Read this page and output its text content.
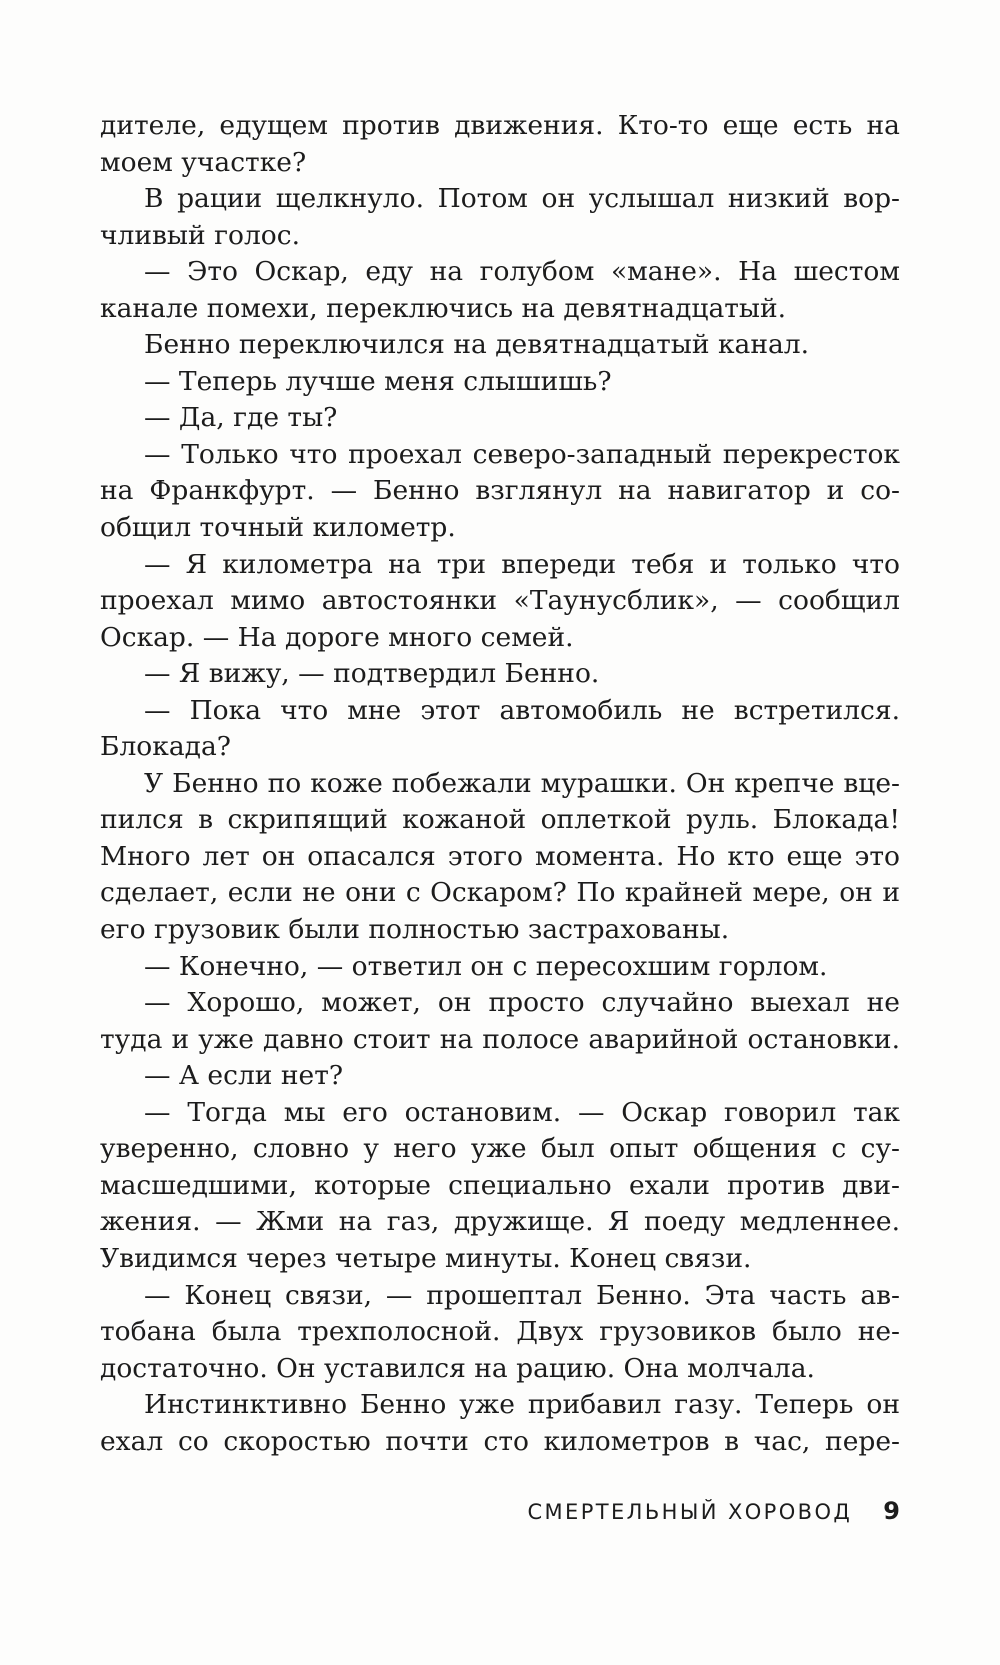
дителе, едущем против движения. Кто-то еще есть на
моем участке?
В рации щелкнуло. Потом он услышал низкий вор-
чливый голос.
— Это Оскар, еду на голубом «мане». На шестом
канале помехи, переключись на девятнадцатый.
Бенно переключился на девятнадцатый канал.
— Теперь лучше меня слышишь?
— Да, где ты?
— Только что проехал северо-западный перекресток
на Франкфурт. — Бенно взглянул на навигатор и со-
общил точный километр.
— Я километра на три впереди тебя и только что
проехал мимо автостоянки «Таунусблик», — сообщил
Оскар. — На дороге много семей.
— Я вижу, — подтвердил Бенно.
— Пока что мне этот автомобиль не встретился.
Блокада?
У Бенно по коже побежали мурашки. Он крепче вце-
пился в скрипящий кожаной оплеткой руль. Блокада!
Много лет он опасался этого момента. Но кто еще это
сделает, если не они с Оскаром? По крайней мере, он и
его грузовик были полностью застрахованы.
— Конечно, — ответил он с пересохшим горлом.
— Хорошо, может, он просто случайно выехал не
туда и уже давно стоит на полосе аварийной остановки.
— А если нет?
— Тогда мы его остановим. — Оскар говорил так
уверенно, словно у него уже был опыт общения с су-
масшедшими, которые специально ехали против дви-
жения. — Жми на газ, дружище. Я поеду медленнее.
Увидимся через четыре минуты. Конец связи.
— Конец связи, — прошептал Бенно. Эта часть ав-
тобана была трехполосной. Двух грузовиков было не-
достаточно. Он уставился на рацию. Она молчала.
Инстинктивно Бенно уже прибавил газу. Теперь он
ехал со скоростью почти сто километров в час, пере-
СМЕРТЕЛЬНЫЙ ХОРОВОД 9
